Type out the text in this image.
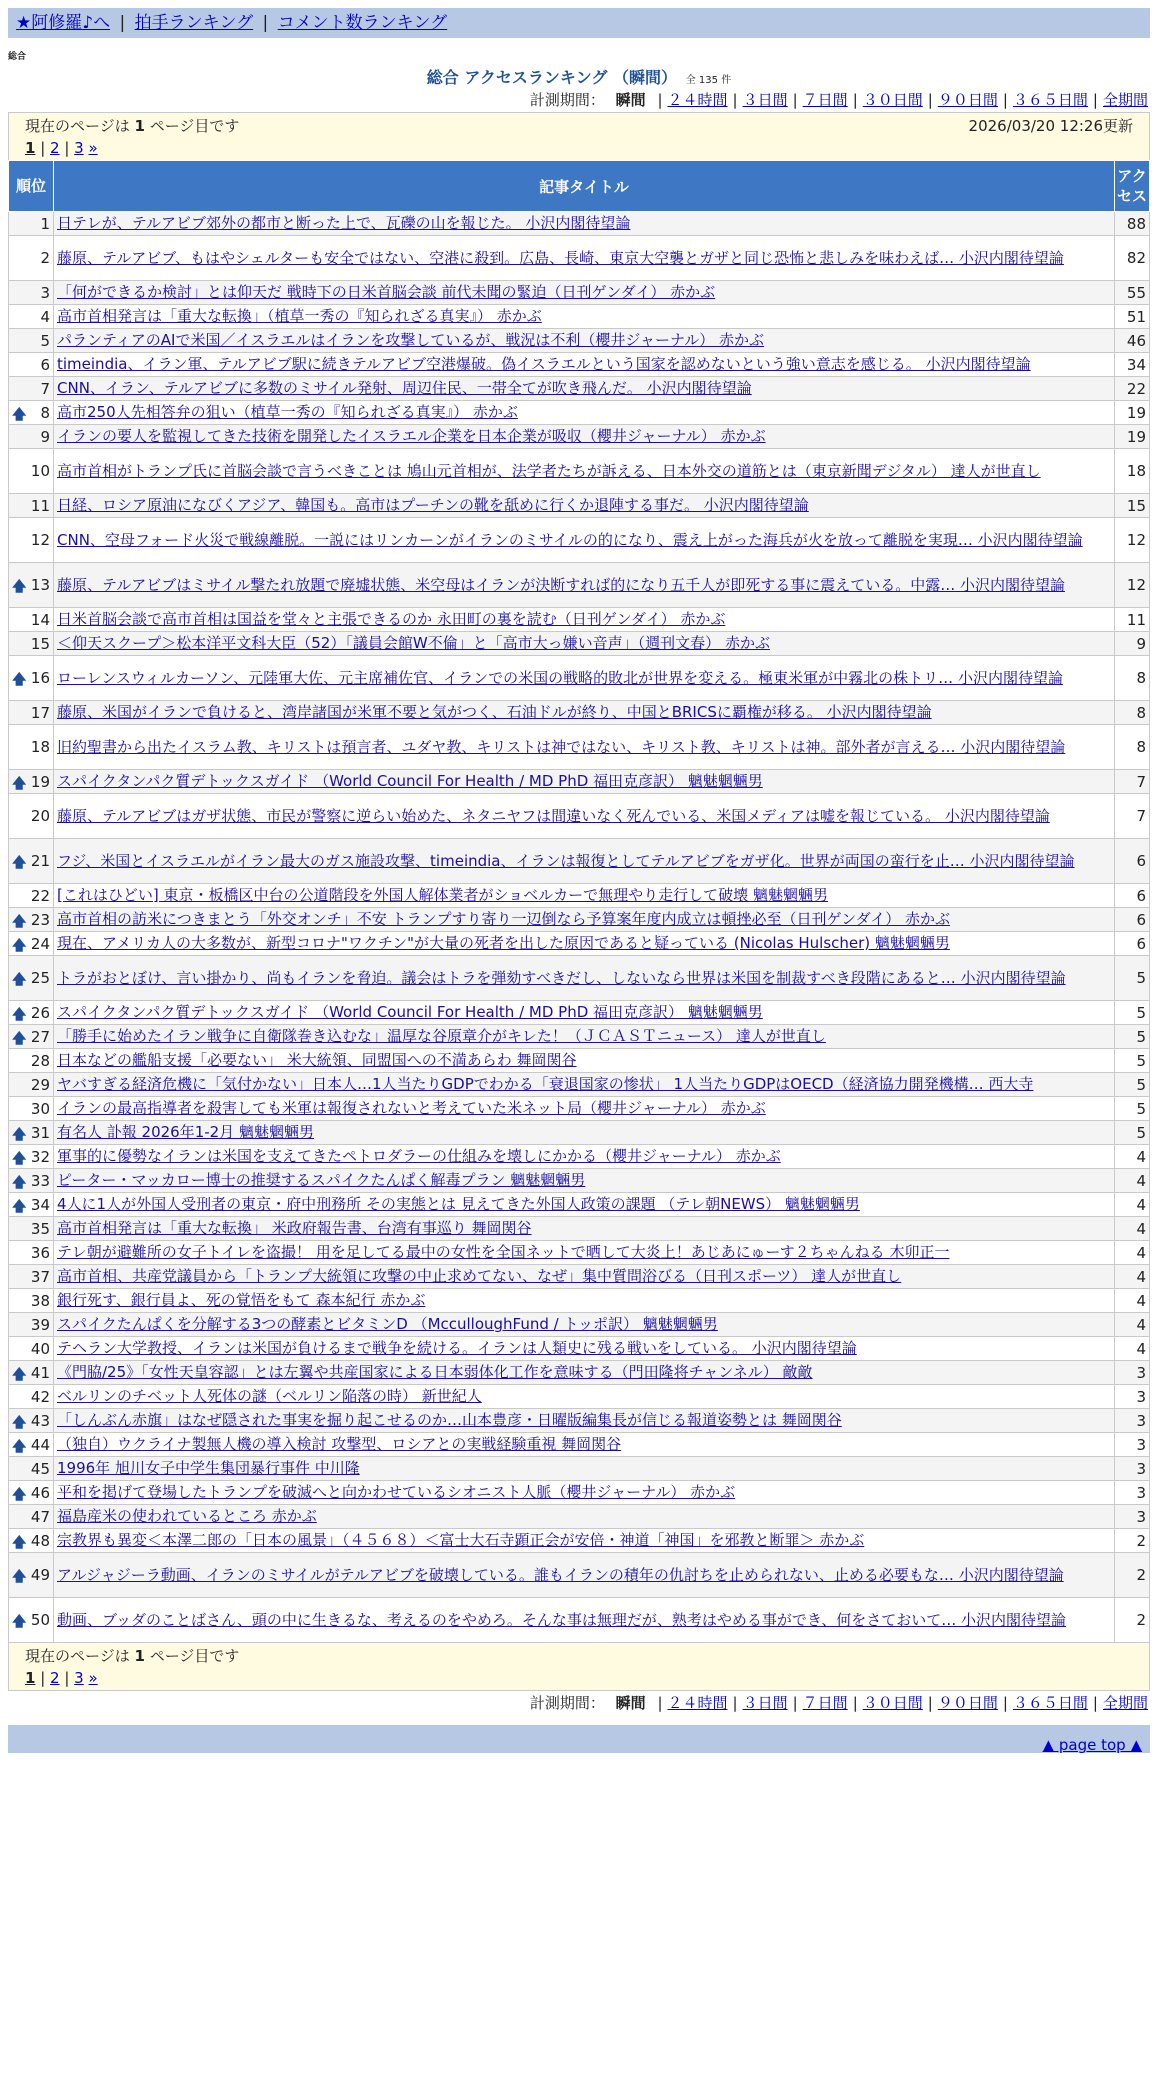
★阿修羅♪へ | 拍手ランキング | コメント数ランキング
総合
総合 アクセスランキング （瞬間） 全 135 件
計測期間： 瞬間 | ２４時間 | ３日間 | ７日間 | ３０日間 | ９０日間 | ３６５日間 | 全期間
現在のページは 1 ページ目です	2026/03/20 12:26更新
1 | 2 | 3 »
順位	記事タイトル	アクセス
1	日テレが、テルアビブ郊外の都市と断った上で、瓦礫の山を報じた。 小沢内閣待望論	88
2	藤原、テルアビブ、もはやシェルターも安全ではない、空港に殺到。広島、長崎、東京大空襲とガザと同じ恐怖と悲しみを味わえば… 小沢内閣待望論	82
3	「何ができるか検討」とは仰天だ 戦時下の日米首脳会談 前代未聞の緊迫（日刊ゲンダイ） 赤かぶ	55
4	高市首相発言は「重大な転換」（植草一秀の『知られざる真実』） 赤かぶ	51
5	パランティアのAIで米国／イスラエルはイランを攻撃しているが、戦況は不利（櫻井ジャーナル） 赤かぶ	46
6	timeindia、イラン軍、テルアビブ駅に続きテルアビブ空港爆破。偽イスラエルという国家を認めないという強い意志を感じる。 小沢内閣待望論	34
7	CNN、イラン、テルアビブに多数のミサイル発射、周辺住民、一帯全てが吹き飛んだ。 小沢内閣待望論	22

🡅 8	高市250人先相答弁の狙い（植草一秀の『知られざる真実』） 赤かぶ	19
9	イランの要人を監視してきた技術を開発したイスラエル企業を日本企業が吸収（櫻井ジャーナル） 赤かぶ	19
10	高市首相がトランプ氏に首脳会談で言うべきことは 鳩山元首相が、法学者たちが訴える、日本外交の道筋とは（東京新聞デジタル） 達人が世直し	18
11	日経、ロシア原油になびくアジア、韓国も。高市はプーチンの靴を舐めに行くか退陣する事だ。 小沢内閣待望論	15
12	CNN、空母フォード火災で戦線離脱。一説にはリンカーンがイランのミサイルの的になり、震え上がった海兵が火を放って離脱を実現… 小沢内閣待望論	12

🡅 13	藤原、テルアビブはミサイル撃たれ放題で廃墟状態、米空母はイランが決断すれば的になり五千人が即死する事に震えている。中露… 小沢内閣待望論	12
14	日米首脳会談で高市首相は国益を堂々と主張できるのか 永田町の裏を読む（日刊ゲンダイ） 赤かぶ	11
15	＜仰天スクープ＞松本洋平文科大臣（52）「議員会館W不倫」と「高市大っ嫌い音声」（週刊文春） 赤かぶ	9

🡅 16	ローレンスウィルカーソン、元陸軍大佐、元主席補佐官、イランでの米国の戦略的敗北が世界を変える。極東米軍が中霧北の株トリ… 小沢内閣待望論	8
17	藤原、米国がイランで負けると、湾岸諸国が米軍不要と気がつく、石油ドルが終り、中国とBRICSに覇権が移る。 小沢内閣待望論	8
18	旧約聖書から出たイスラム教、キリストは預言者、ユダヤ教、キリストは神ではない、キリスト教、キリストは神。部外者が言える… 小沢内閣待望論	8

🡅 19	スパイクタンパク質デトックスガイド （World Council For Health / MD PhD 福田克彦訳） 魑魅魍魎男	7
20	藤原、テルアビブはガザ状態、市民が警察に逆らい始めた、ネタニヤフは間違いなく死んでいる、米国メディアは嘘を報じている。 小沢内閣待望論	7

🡅 21	フジ、米国とイスラエルがイラン最大のガス施設攻撃、timeindia、イランは報復としてテルアビブをガザ化。世界が両国の蛮行を止… 小沢内閣待望論	6
22	[これはひどい] 東京・板橋区中台の公道階段を外国人解体業者がショベルカーで無理やり走行して破壊 魑魅魍魎男	6

🡅 23	高市首相の訪米につきまとう「外交オンチ」不安 トランプすり寄り一辺倒なら予算案年度内成立は頓挫必至（日刊ゲンダイ） 赤かぶ	6

🡅 24	現在、アメリカ人の大多数が、新型コロナ"ワクチン"が大量の死者を出した原因であると疑っている (Nicolas Hulscher) 魑魅魍魎男	6

🡅 25	トラがおとぼけ、言い掛かり、尚もイランを脅迫。議会はトラを弾劾すべきだし、しないなら世界は米国を制裁すべき段階にあると… 小沢内閣待望論	5

🡅 26	スパイクタンパク質デトックスガイド （World Council For Health / MD PhD 福田克彦訳） 魑魅魍魎男	5

🡅 27	「勝手に始めたイラン戦争に自衛隊巻き込むな」温厚な谷原章介がキレた！（ＪＣＡＳＴニュース） 達人が世直し	5
28	日本などの艦船支援「必要ない」 米大統領、同盟国への不満あらわ 舞岡関谷	5
29	ヤバすぎる経済危機に「気付かない」日本人…1人当たりGDPでわかる「衰退国家の惨状」 1人当たりGDPはOECD（経済協力開発機構… 西大寺	5
30	イランの最高指導者を殺害しても米軍は報復されないと考えていた米ネット局（櫻井ジャーナル） 赤かぶ	5

🡅 31	有名人 訃報 2026年1-2月 魑魅魍魎男	5

🡅 32	軍事的に優勢なイランは米国を支えてきたペトロダラーの仕組みを壊しにかかる（櫻井ジャーナル） 赤かぶ	4

🡅 33	ピーター・マッカロー博士の推奨するスパイクたんぱく解毒プラン 魑魅魍魎男	4

🡅 34	4人に1人が外国人受刑者の東京・府中刑務所 その実態とは 見えてきた外国人政策の課題 （テレ朝NEWS） 魑魅魍魎男	4
35	高市首相発言は「重大な転換」 米政府報告書、台湾有事巡り 舞岡関谷	4
36	テレ朝が避難所の女子トイレを盗撮！ 用を足してる最中の女性を全国ネットで晒して大炎上！あじあにゅーす２ちゃんねる 木卯正一	4
37	高市首相、共産党議員から「トランプ大統領に攻撃の中止求めてない、なぜ」集中質問浴びる（日刊スポーツ） 達人が世直し	4
38	銀行死す、銀行員よ、死の覚悟をもて 森本紀行 赤かぶ	4
39	スパイクたんぱくを分解する3つの酵素とビタミンD （McculloughFund / トッポ訳） 魑魅魍魎男	4
40	テヘラン大学教授、イランは米国が負けるまで戦争を続ける。イランは人類史に残る戦いをしている。 小沢内閣待望論	4

🡅 41	《門脇/25》「女性天皇容認」とは左翼や共産国家による日本弱体化工作を意味する（門田隆将チャンネル） 敵敵	3
42	ベルリンのチベット人死体の謎（ベルリン陥落の時） 新世紀人	3

🡅 43	「しんぶん赤旗」はなぜ隠された事実を掘り起こせるのか…山本豊彦・日曜版編集長が信じる報道姿勢とは 舞岡関谷	3

🡅 44	（独自）ウクライナ製無人機の導入検討 攻撃型、ロシアとの実戦経験重視 舞岡関谷	3
45	1996年 旭川女子中学生集団暴行事件 中川隆	3

🡅 46	平和を掲げて登場したトランプを破滅へと向かわせているシオニスト人脈（櫻井ジャーナル） 赤かぶ	3
47	福島産米の使われているところ 赤かぶ	3

🡅 48	宗教界も異変＜本澤二郎の「日本の風景」（４５６８）＜富士大石寺顕正会が安倍・神道「神国」を邪教と断罪＞ 赤かぶ	2

🡅 49	アルジャジーラ動画、イランのミサイルがテルアビブを破壊している。誰もイランの積年の仇討ちを止められない、止める必要もな… 小沢内閣待望論	2

🡅 50	動画、ブッダのことばさん、頭の中に生きるな、考えるのをやめろ。そんな事は無理だが、熟考はやめる事ができ、何をさておいて… 小沢内閣待望論	2
現在のページは 1 ページ目です
1 | 2 | 3 »
計測期間： 瞬間 | ２４時間 | ３日間 | ７日間 | ３０日間 | ９０日間 | ３６５日間 | 全期間
▲ page top ▲
